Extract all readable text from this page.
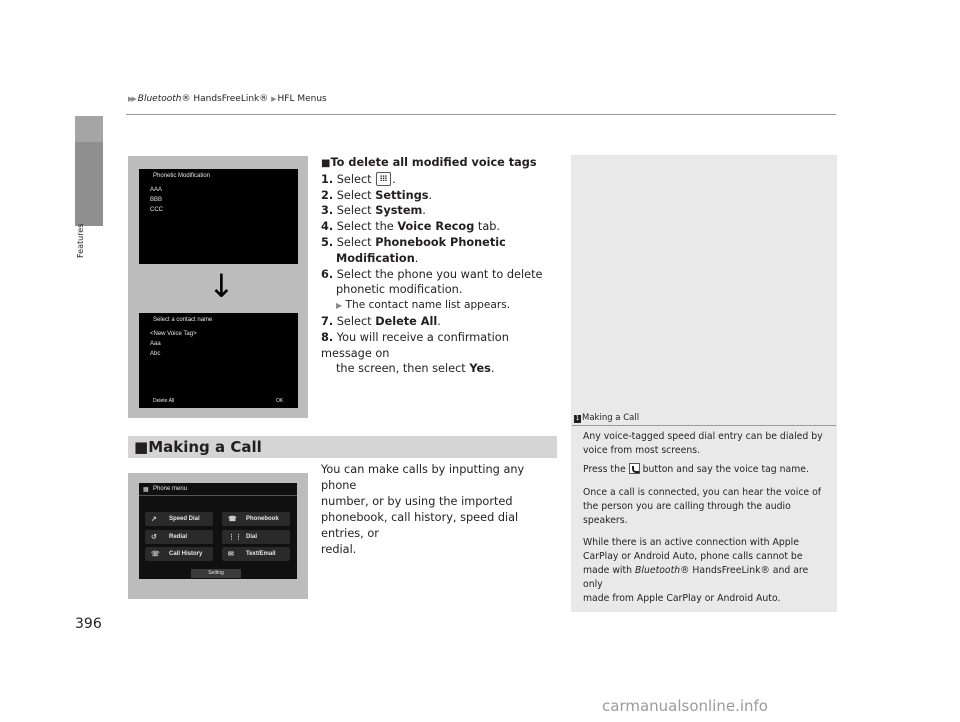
▶▶ Bluetooth® HandsFreeLink® ▶ HFL Menus
Features
Phonetic Modification
AAA
BBB
CCC
↓
Select a contact name
<New Voice Tag>
Aaa
Abc
Delete All	OK
■To delete all modified voice tags
1. Select .
2. Select Settings.
3. Select System.
4. Select the Voice Recog tab.
5. Select Phonebook Phonetic
Modification.
6. Select the phone you want to delete
phonetic modification.
▶ The contact name list appears.
7. Select Delete All.
8. You will receive a confirmation message on
the screen, then select Yes.
■Making a Call
You can make calls by inputting any phone
number, or by using the imported
phonebook, call history, speed dial entries, or
redial.
▦ Phone menu
↗ Speed Dial	☎ Phonebook
↺ Redial	⋮⋮ Dial
☏ Call History	✉ Text/Email
Setting
1 Making a Call

Any voice-tagged speed dial entry can be dialed by
voice from most screens.

Press the button and say the voice tag name.

Once a call is connected, you can hear the voice of
the person you are calling through the audio
speakers.

While there is an active connection with Apple
CarPlay or Android Auto, phone calls cannot be
made with Bluetooth® HandsFreeLink® and are only
made from Apple CarPlay or Android Auto.

396
carmanualsonline.info
